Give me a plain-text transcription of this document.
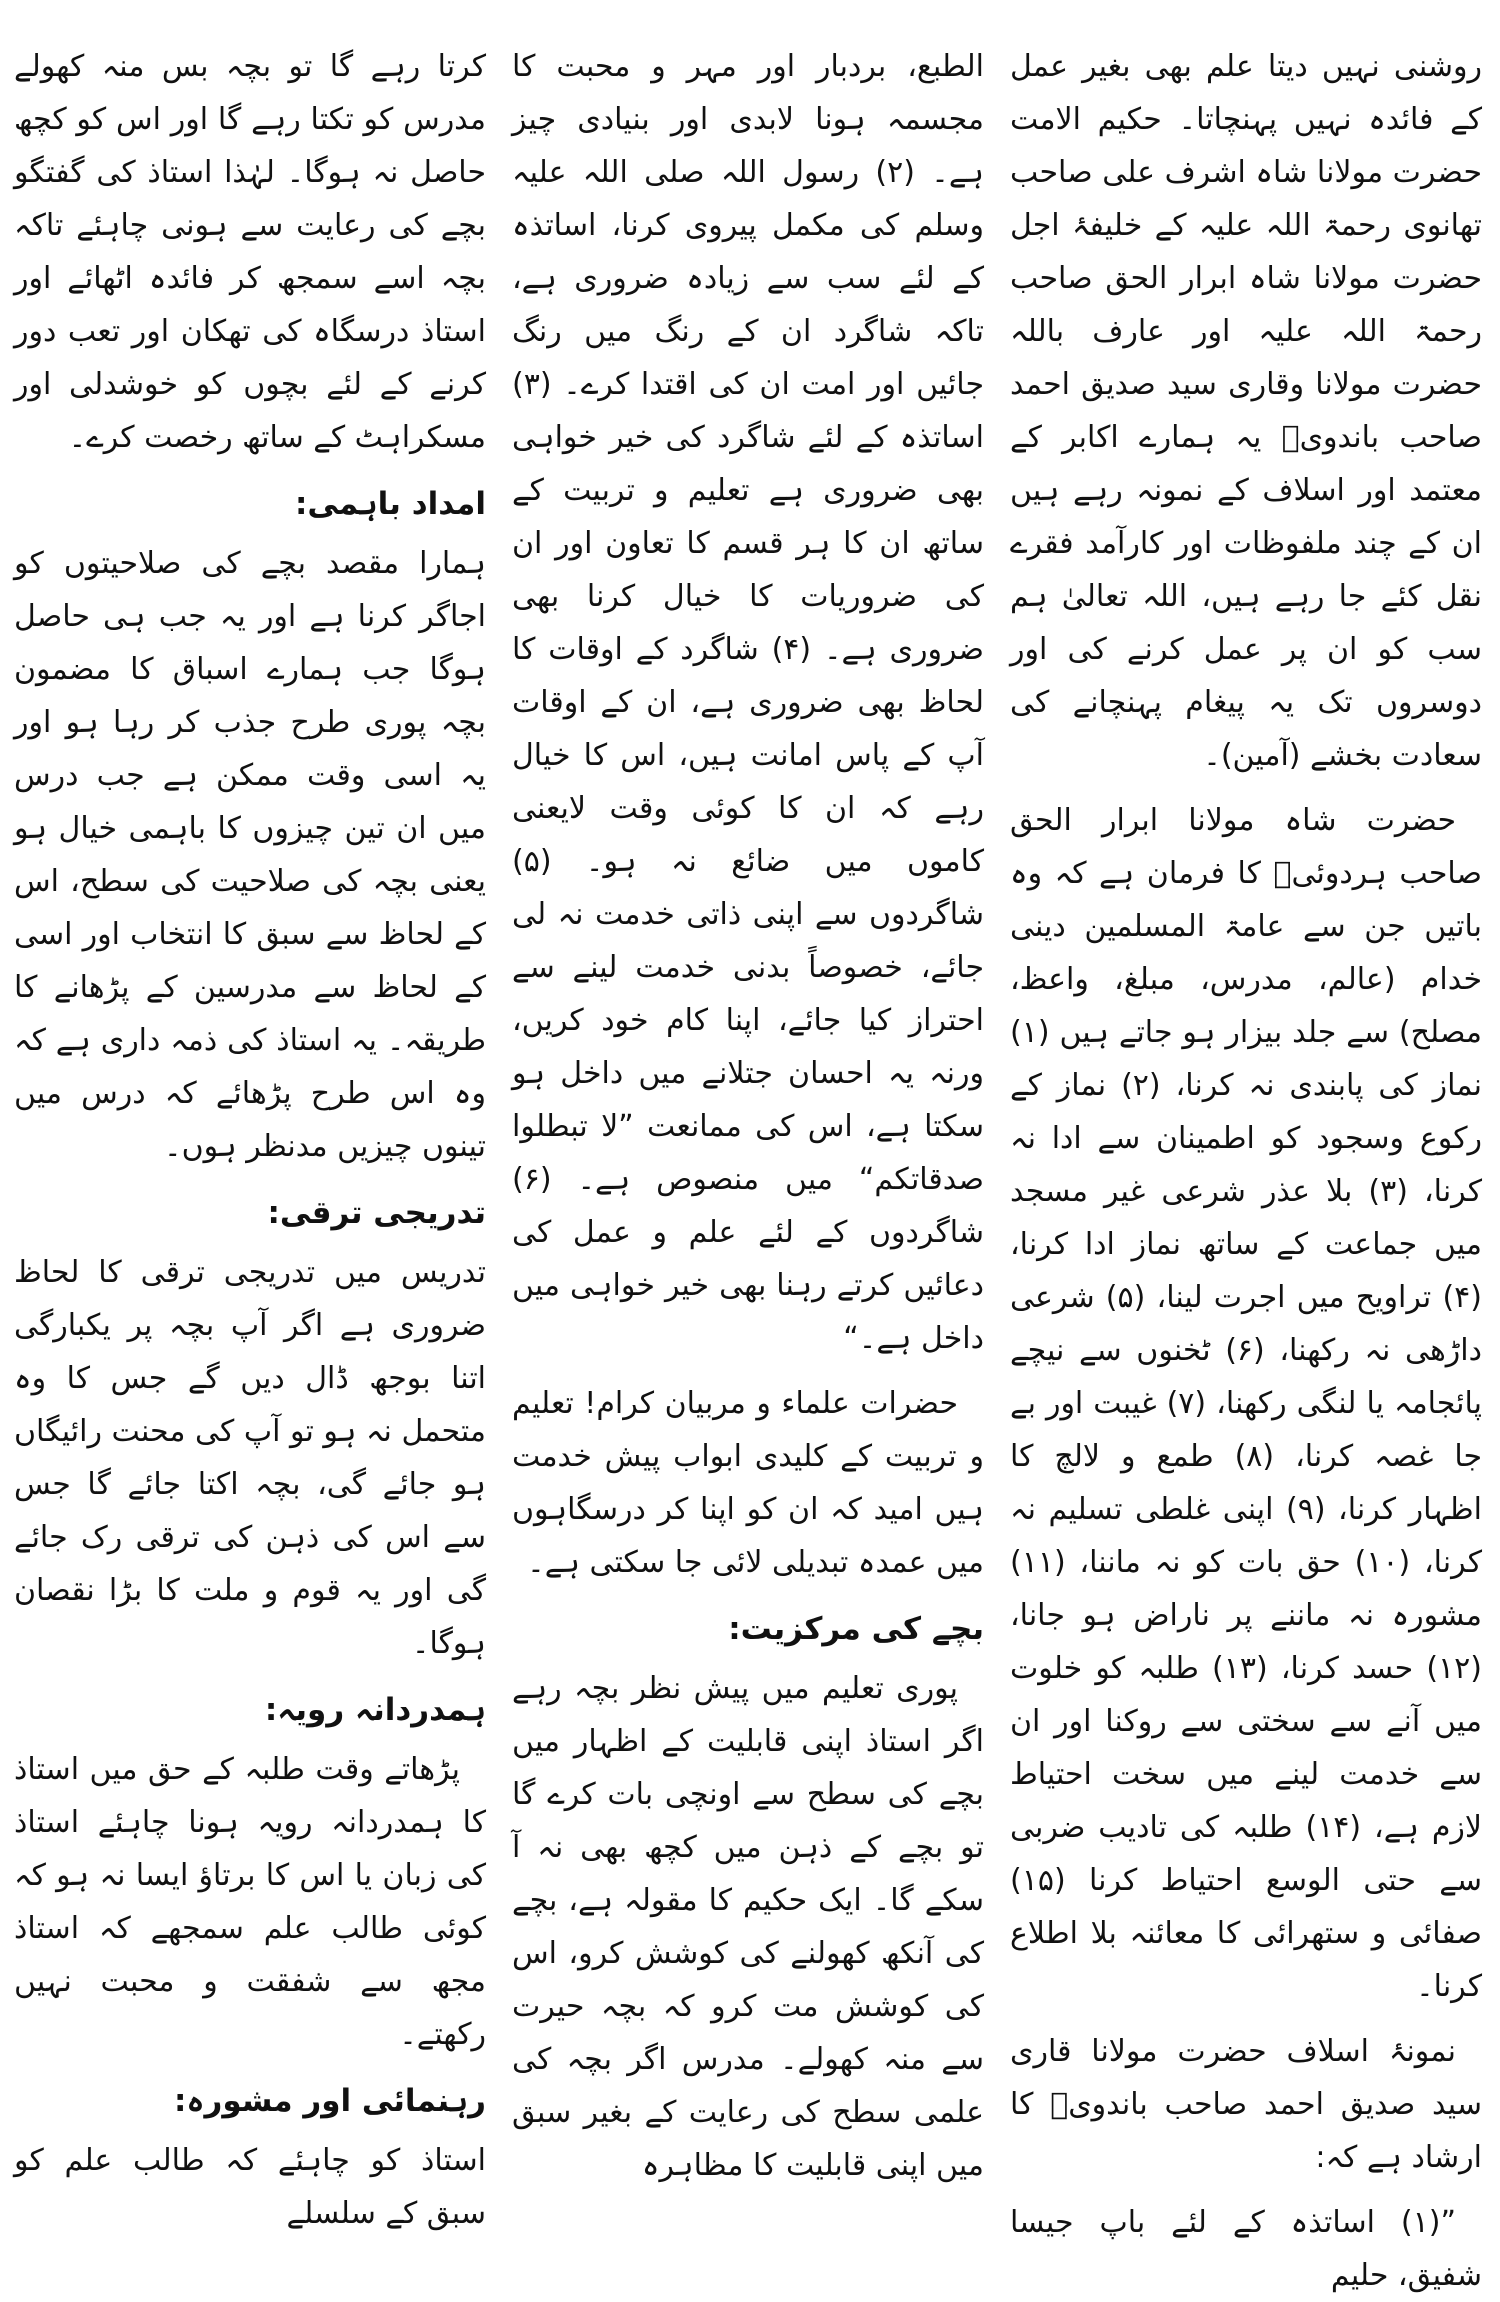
روشنی نہیں دیتا علم بھی بغیر عمل کے فائدہ نہیں پہنچاتا۔ حکیم الامت حضرت مولانا شاہ اشرف علی صاحب تھانوی رحمۃ اللہ علیہ کے خلیفۂ اجل حضرت مولانا شاہ ابرار الحق صاحب رحمۃ اللہ علیہ اور عارف باللہ حضرت مولانا وقاری سید صدیق احمد صاحب باندویؒ یہ ہمارے اکابر کے معتمد اور اسلاف کے نمونہ رہے ہیں ان کے چند ملفوظات اور کارآمد فقرے نقل کئے جا رہے ہیں، اللہ تعالیٰ ہم سب کو ان پر عمل کرنے کی اور دوسروں تک یہ پیغام پہنچانے کی سعادت بخشے (آمین)۔

حضرت شاہ مولانا ابرار الحق صاحب ہردوئیؒ کا فرمان ہے کہ وہ باتیں جن سے عامۃ المسلمین دینی خدام (عالم، مدرس، مبلغ، واعظ، مصلح) سے جلد بیزار ہو جاتے ہیں (۱) نماز کی پابندی نہ کرنا، (۲) نماز کے رکوع وسجود کو اطمینان سے ادا نہ کرنا، (۳) بلا عذر شرعی غیر مسجد میں جماعت کے ساتھ نماز ادا کرنا، (۴) تراویح میں اجرت لینا، (۵) شرعی داڑھی نہ رکھنا، (۶) ٹخنوں سے نیچے پائجامہ یا لنگی رکھنا، (۷) غیبت اور بے جا غصہ کرنا، (۸) طمع و لالچ کا اظہار کرنا، (۹) اپنی غلطی تسلیم نہ کرنا، (۱۰) حق بات کو نہ ماننا، (۱۱) مشورہ نہ ماننے پر ناراض ہو جانا، (۱۲) حسد کرنا، (۱۳) طلبہ کو خلوت میں آنے سے سختی سے روکنا اور ان سے خدمت لینے میں سخت احتیاط لازم ہے، (۱۴) طلبہ کی تادیب ضربی سے حتی الوسع احتیاط کرنا (۱۵) صفائی و ستھرائی کا معائنہ بلا اطلاع کرنا۔

نمونۂ اسلاف حضرت مولانا قاری سید صدیق احمد صاحب باندویؒ کا ارشاد ہے کہ:

”(۱) اساتذہ کے لئے باپ جیسا شفیق، حلیم

الطبع، بردبار اور مہر و محبت کا مجسمہ ہونا لابدی اور بنیادی چیز ہے۔ (۲) رسول اللہ صلی اللہ علیہ وسلم کی مکمل پیروی کرنا، اساتذہ کے لئے سب سے زیادہ ضروری ہے، تاکہ شاگرد ان کے رنگ میں رنگ جائیں اور امت ان کی اقتدا کرے۔ (۳) اساتذہ کے لئے شاگرد کی خیر خواہی بھی ضروری ہے تعلیم و تربیت کے ساتھ ان کا ہر قسم کا تعاون اور ان کی ضروریات کا خیال کرنا بھی ضروری ہے۔ (۴) شاگرد کے اوقات کا لحاظ بھی ضروری ہے، ان کے اوقات آپ کے پاس امانت ہیں، اس کا خیال رہے کہ ان کا کوئی وقت لایعنی کاموں میں ضائع نہ ہو۔ (۵) شاگردوں سے اپنی ذاتی خدمت نہ لی جائے، خصوصاً بدنی خدمت لینے سے احتراز کیا جائے، اپنا کام خود کریں، ورنہ یہ احسان جتلانے میں داخل ہو سکتا ہے، اس کی ممانعت ”لا تبطلوا صدقاتکم“ میں منصوص ہے۔ (۶) شاگردوں کے لئے علم و عمل کی دعائیں کرتے رہنا بھی خیر خواہی میں داخل ہے۔“

حضرات علماء و مربیان کرام! تعلیم و تربیت کے کلیدی ابواب پیش خدمت ہیں امید کہ ان کو اپنا کر درسگاہوں میں عمدہ تبدیلی لائی جا سکتی ہے۔

بچے کی مرکزیت:

پوری تعلیم میں پیش نظر بچہ رہے اگر استاذ اپنی قابلیت کے اظہار میں بچے کی سطح سے اونچی بات کرے گا تو بچے کے ذہن میں کچھ بھی نہ آ سکے گا۔ ایک حکیم کا مقولہ ہے، بچے کی آنکھ کھولنے کی کوشش کرو، اس کی کوشش مت کرو کہ بچہ حیرت سے منہ کھولے۔ مدرس اگر بچہ کی علمی سطح کی رعایت کے بغیر سبق میں اپنی قابلیت کا مظاہرہ

کرتا رہے گا تو بچہ بس منہ کھولے مدرس کو تکتا رہے گا اور اس کو کچھ حاصل نہ ہوگا۔ لہٰذا استاذ کی گفتگو بچے کی رعایت سے ہونی چاہئے تاکہ بچہ اسے سمجھ کر فائدہ اٹھائے اور استاذ درسگاہ کی تھکان اور تعب دور کرنے کے لئے بچوں کو خوشدلی اور مسکراہٹ کے ساتھ رخصت کرے۔

امداد باہمی:

ہمارا مقصد بچے کی صلاحیتوں کو اجاگر کرنا ہے اور یہ جب ہی حاصل ہوگا جب ہمارے اسباق کا مضمون بچہ پوری طرح جذب کر رہا ہو اور یہ اسی وقت ممکن ہے جب درس میں ان تین چیزوں کا باہمی خیال ہو یعنی بچہ کی صلاحیت کی سطح، اس کے لحاظ سے سبق کا انتخاب اور اسی کے لحاظ سے مدرسین کے پڑھانے کا طریقہ۔ یہ استاذ کی ذمہ داری ہے کہ وہ اس طرح پڑھائے کہ درس میں تینوں چیزیں مدنظر ہوں۔

تدریجی ترقی:

تدریس میں تدریجی ترقی کا لحاظ ضروری ہے اگر آپ بچہ پر یکبارگی اتنا بوجھ ڈال دیں گے جس کا وہ متحمل نہ ہو تو آپ کی محنت رائیگاں ہو جائے گی، بچہ اکتا جائے گا جس سے اس کی ذہن کی ترقی رک جائے گی اور یہ قوم و ملت کا بڑا نقصان ہوگا۔

ہمدردانہ رویہ:

پڑھاتے وقت طلبہ کے حق میں استاذ کا ہمدردانہ رویہ ہونا چاہئے استاذ کی زبان یا اس کا برتاؤ ایسا نہ ہو کہ کوئی طالب علم سمجھے کہ استاذ مجھ سے شفقت و محبت نہیں رکھتے۔

رہنمائی اور مشورہ:

استاذ کو چاہئے کہ طالب علم کو سبق کے سلسلے
